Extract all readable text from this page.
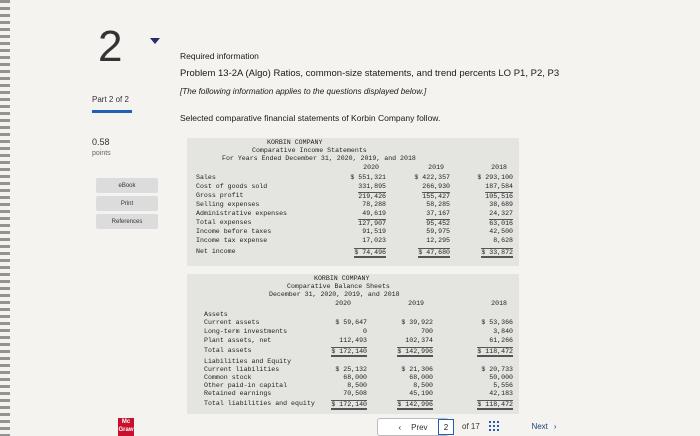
2
Part 2 of 2
0.58
points
eBook
Print
References
Required information
Problem 13-2A (Algo) Ratios, common-size statements, and trend percents LO P1, P2, P3
[The following information applies to the questions displayed below.]
Selected comparative financial statements of Korbin Company follow.
KORBIN COMPANY
Comparative Income Statements
For Years Ended December 31, 2020, 2019, and 2018
2020	2019	2018
Sales	$ 551,321	$ 422,357	$ 293,100
Cost of goods sold	331,895	266,930	187,584
Gross profit	219,426	155,427	105,516
Selling expenses	78,288	58,285	38,689
Administrative expenses	49,619	37,167	24,327
Total expenses	127,907	95,452	63,016
Income before taxes	91,519	59,975	42,500
Income tax expense	17,023	12,295	8,628
Net income	$ 74,496	$ 47,680	$ 33,872
KORBIN COMPANY
Comparative Balance Sheets
December 31, 2020, 2019, and 2018
2020	2019	2018
Assets
Current assets	$ 59,647	$ 39,922	$ 53,366
Long-term investments	0	700	3,840
Plant assets, net	112,493	102,374	61,266
Total assets	$ 172,140	$ 142,996	$ 118,472
Liabilities and Equity
Current liabilities	$ 25,132	$ 21,306	$ 20,733
Common stock	68,000	68,000	50,000
Other paid-in capital	8,500	8,500	5,556
Retained earnings	70,508	45,190	42,183
Total liabilities and equity	$ 172,140	$ 142,996	$ 118,472
Mc Graw	‹ Prev	2	of 17	Next ›
